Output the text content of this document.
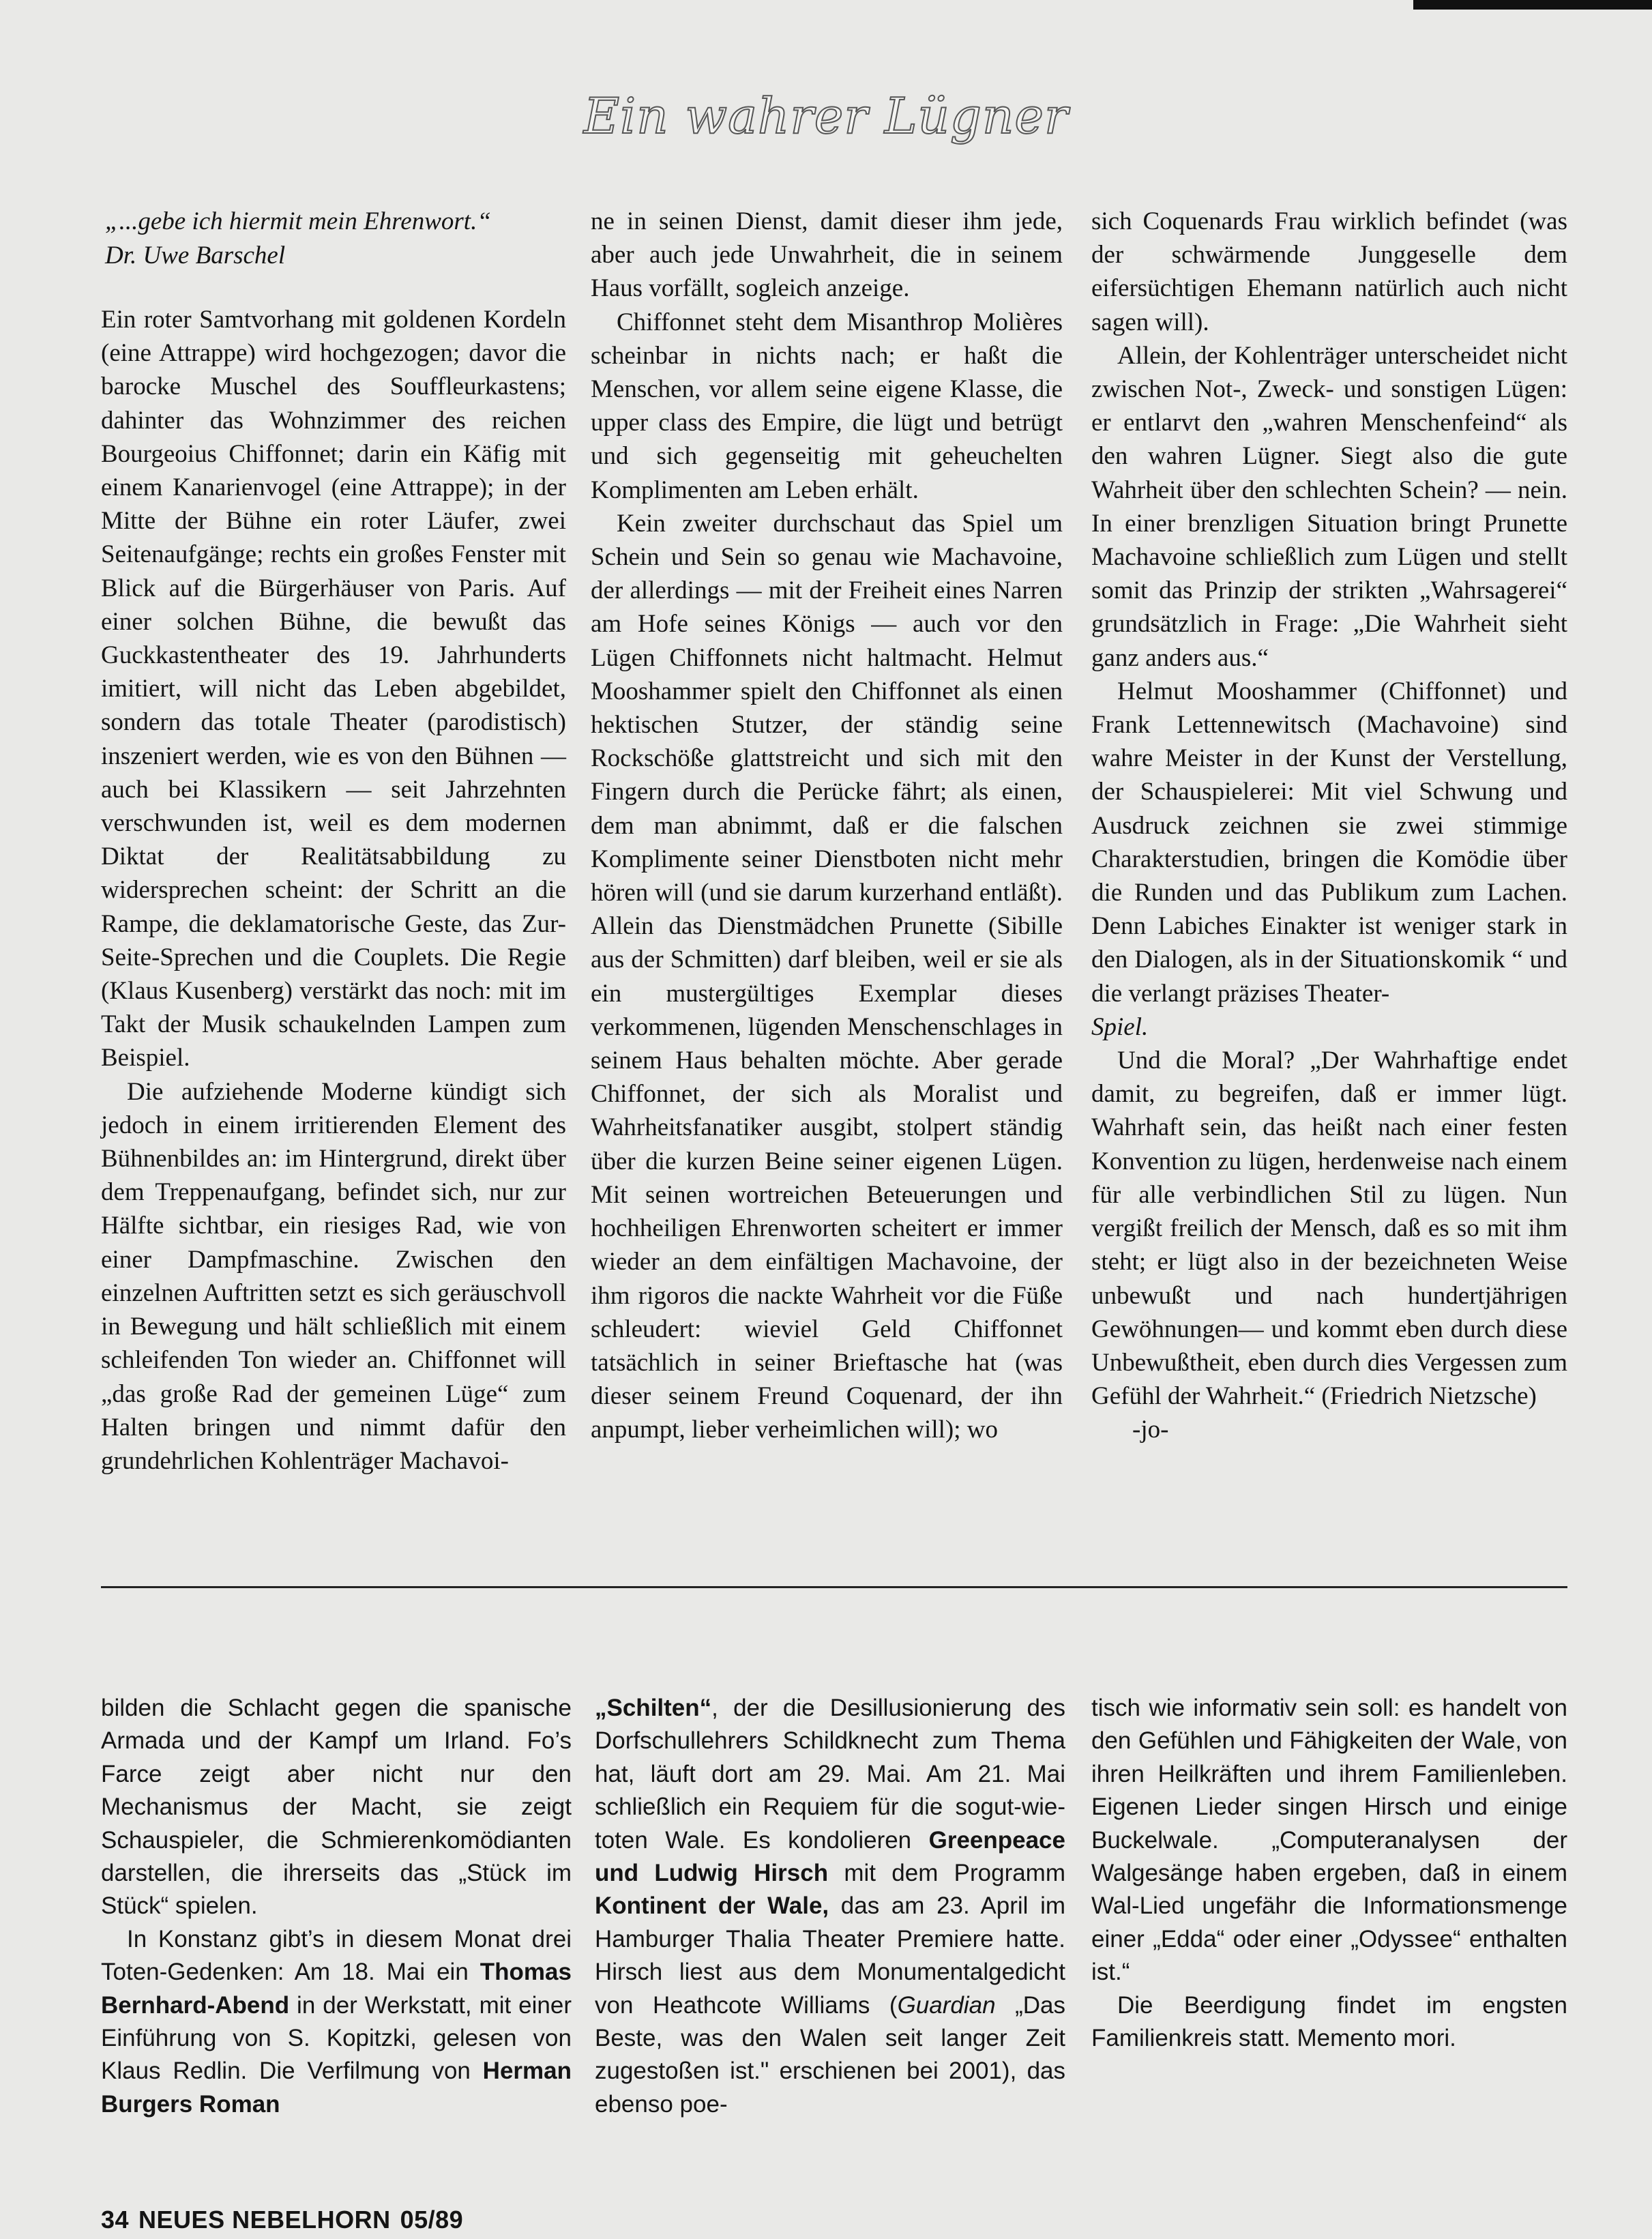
Ein wahrer Lügner

„...gebe ich hiermit mein Ehrenwort.“
Dr. Uwe Barschel

Ein roter Samtvorhang mit goldenen Kordeln (eine Attrappe) wird hochgezogen; davor die barocke Muschel des Souffleurkastens; dahinter das Wohnzimmer des reichen Bourgeoius Chiffonnet; darin ein Käfig mit einem Kanarienvogel (eine Attrappe); in der Mitte der Bühne ein roter Läufer, zwei Seitenaufgänge; rechts ein großes Fenster mit Blick auf die Bürgerhäuser von Paris. Auf einer solchen Bühne, die bewußt das Guckkastentheater des 19. Jahrhunderts imitiert, will nicht das Leben abgebildet, sondern das totale Theater (parodistisch) inszeniert werden, wie es von den Bühnen — auch bei Klassikern — seit Jahrzehnten verschwunden ist, weil es dem modernen Diktat der Realitätsabbildung zu widersprechen scheint: der Schritt an die Rampe, die deklamatorische Geste, das Zur-Seite-Sprechen und die Couplets. Die Regie (Klaus Kusenberg) verstärkt das noch: mit im Takt der Musik schaukelnden Lampen zum Beispiel.

Die aufziehende Moderne kündigt sich jedoch in einem irritierenden Element des Bühnenbildes an: im Hintergrund, direkt über dem Treppenaufgang, befindet sich, nur zur Hälfte sichtbar, ein riesiges Rad, wie von einer Dampfmaschine. Zwischen den einzelnen Auftritten setzt es sich geräuschvoll in Bewegung und hält schließlich mit einem schleifenden Ton wieder an. Chiffonnet will „das große Rad der gemeinen Lüge“ zum Halten bringen und nimmt dafür den grundehrlichen Kohlenträger Machavoi-

ne in seinen Dienst, damit dieser ihm jede, aber auch jede Unwahrheit, die in seinem Haus vorfällt, sogleich anzeige.

Chiffonnet steht dem Misanthrop Molières scheinbar in nichts nach; er haßt die Menschen, vor allem seine eigene Klasse, die upper class des Empire, die lügt und betrügt und sich gegenseitig mit geheuchelten Komplimenten am Leben erhält.

Kein zweiter durchschaut das Spiel um Schein und Sein so genau wie Machavoine, der allerdings — mit der Freiheit eines Narren am Hofe seines Königs — auch vor den Lügen Chiffonnets nicht haltmacht. Helmut Mooshammer spielt den Chiffonnet als einen hektischen Stutzer, der ständig seine Rockschöße glattstreicht und sich mit den Fingern durch die Perücke fährt; als einen, dem man abnimmt, daß er die falschen Komplimente seiner Dienstboten nicht mehr hören will (und sie darum kurzerhand entläßt). Allein das Dienstmädchen Prunette (Sibille aus der Schmitten) darf bleiben, weil er sie als ein mustergültiges Exemplar dieses verkommenen, lügenden Menschenschlages in seinem Haus behalten möchte. Aber gerade Chiffonnet, der sich als Moralist und Wahrheitsfanatiker ausgibt, stolpert ständig über die kurzen Beine seiner eigenen Lügen. Mit seinen wortreichen Beteuerungen und hochheiligen Ehrenworten scheitert er immer wieder an dem einfältigen Machavoine, der ihm rigoros die nackte Wahrheit vor die Füße schleudert: wieviel Geld Chiffonnet tatsächlich in seiner Brieftasche hat (was dieser seinem Freund Coquenard, der ihn anpumpt, lieber verheimlichen will); wo

sich Coquenards Frau wirklich befindet (was der schwärmende Junggeselle dem eifersüchtigen Ehemann natürlich auch nicht sagen will).

Allein, der Kohlenträger unterscheidet nicht zwischen Not-, Zweck- und sonstigen Lügen: er entlarvt den „wahren Menschenfeind“ als den wahren Lügner. Siegt also die gute Wahrheit über den schlechten Schein? — nein. In einer brenzligen Situation bringt Prunette Machavoine schließlich zum Lügen und stellt somit das Prinzip der strikten „Wahrsagerei“ grundsätzlich in Frage: „Die Wahrheit sieht ganz anders aus.“

Helmut Mooshammer (Chiffonnet) und Frank Lettennewitsch (Machavoine) sind wahre Meister in der Kunst der Verstellung, der Schauspielerei: Mit viel Schwung und Ausdruck zeichnen sie zwei stimmige Charakterstudien, bringen die Komödie über die Runden und das Publikum zum Lachen. Denn Labiches Einakter ist weniger stark in den Dialogen, als in der Situationskomik “ und die verlangt präzises Theater-

Spiel.

Und die Moral? „Der Wahrhaftige endet damit, zu begreifen, daß er immer lügt. Wahrhaft sein, das heißt nach einer festen Konvention zu lügen, herdenweise nach einem für alle verbindlichen Stil zu lügen. Nun vergißt freilich der Mensch, daß es so mit ihm steht; er lügt also in der bezeichneten Weise unbewußt und nach hundertjährigen Gewöhnungen— und kommt eben durch diese Unbewußtheit, eben durch dies Vergessen zum Gefühl der Wahrheit.“ (Friedrich Nietzsche)

-jo-

bilden die Schlacht gegen die spanische Armada und der Kampf um Irland. Fo’s Farce zeigt aber nicht nur den Mechanismus der Macht, sie zeigt Schauspieler, die Schmierenkomödianten darstellen, die ihrerseits das „Stück im Stück“ spielen.

In Konstanz gibt’s in diesem Monat drei Toten-Gedenken: Am 18. Mai ein Thomas Bernhard-Abend in der Werkstatt, mit einer Einführung von S. Kopitzki, gelesen von Klaus Redlin. Die Verfilmung von Herman Burgers Roman

„Schilten“, der die Desillusionierung des Dorfschullehrers Schildknecht zum Thema hat, läuft dort am 29. Mai. Am 21. Mai schließlich ein Requiem für die sogut-wie-toten Wale. Es kondolieren Greenpeace und Ludwig Hirsch mit dem Programm Kontinent der Wale, das am 23. April im Hamburger Thalia Theater Premiere hatte. Hirsch liest aus dem Monumentalgedicht von Heathcote Williams (Guardian „Das Beste, was den Walen seit langer Zeit zugestoßen ist." erschienen bei 2001), das ebenso poe-

tisch wie informativ sein soll: es handelt von den Gefühlen und Fähigkeiten der Wale, von ihren Heilkräften und ihrem Familienleben. Eigenen Lieder singen Hirsch und einige Buckelwale. „Computeranalysen der Walgesänge haben ergeben, daß in einem Wal-Lied ungefähr die Informationsmenge einer „Edda“ oder einer „Odyssee“ enthalten ist.“

Die Beerdigung findet im engsten Familienkreis statt. Memento mori.

34 NEUES NEBELHORN 05/89
